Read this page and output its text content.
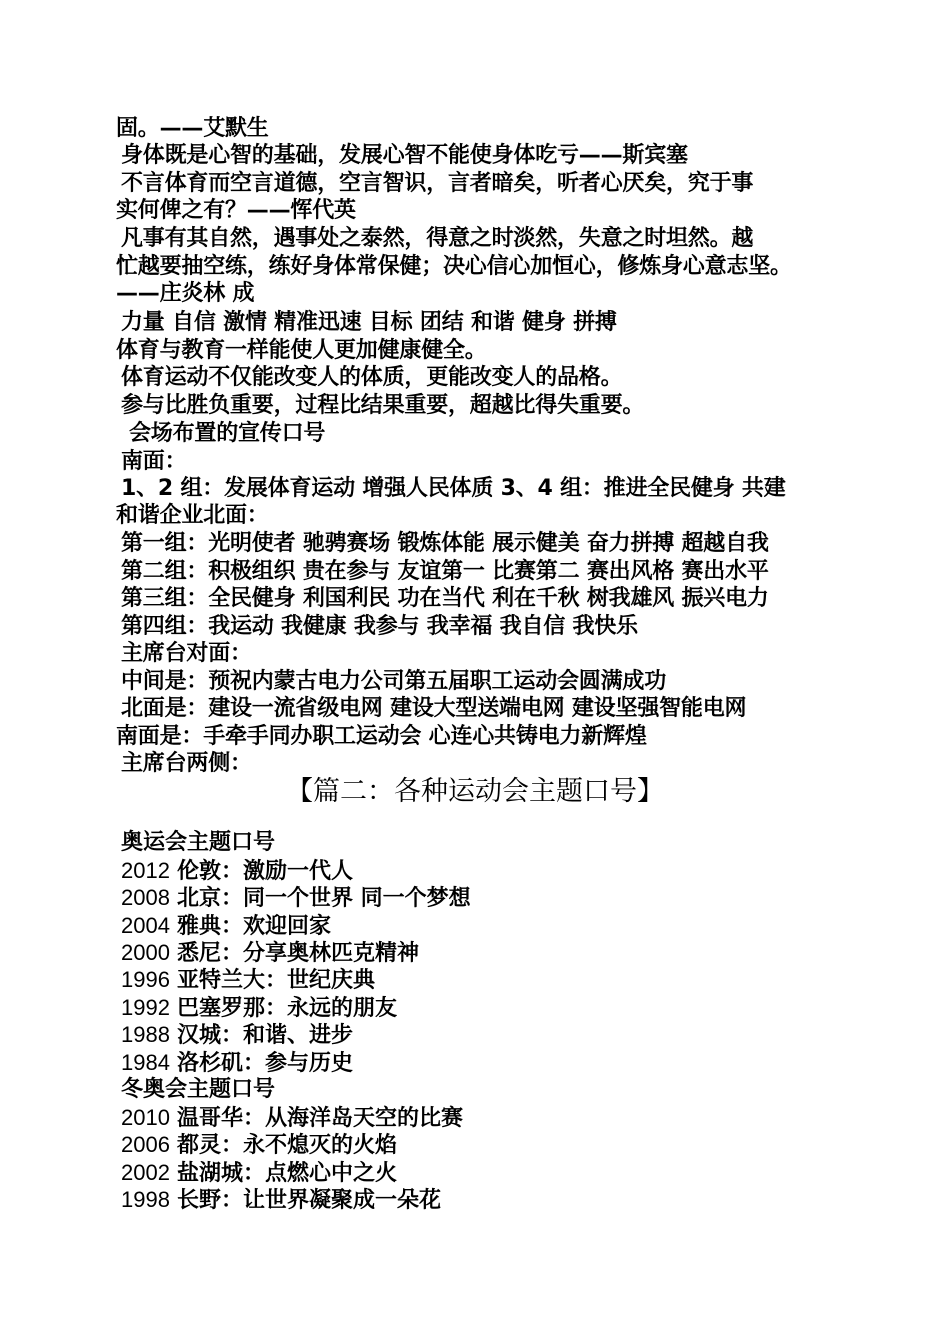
固。——艾默生
身体既是心智的基础，发展心智不能使身体吃亏——斯宾塞
不言体育而空言道德，空言智识，言者暗矣，听者心厌矣，究于事
实何俾之有？——恽代英
凡事有其自然，遇事处之泰然，得意之时淡然，失意之时坦然。越
忙越要抽空练，练好身体常保健；决心信心加恒心，修炼身心意志坚。
——庄炎林 成
力量 自信 激情 精准迅速 目标 团结 和谐 健身 拼搏
体育与教育一样能使人更加健康健全。
体育运动不仅能改变人的体质，更能改变人的品格。
参与比胜负重要，过程比结果重要，超越比得失重要。
会场布置的宣传口号
南面：
1、2 组：发展体育运动 增强人民体质 3、4 组：推进全民健身 共建
和谐企业北面：
第一组：光明使者 驰骋赛场 锻炼体能 展示健美 奋力拼搏 超越自我
第二组：积极组织 贵在参与 友谊第一 比赛第二 赛出风格 赛出水平
第三组：全民健身 利国利民 功在当代 利在千秋 树我雄风 振兴电力
第四组：我运动 我健康 我参与 我幸福 我自信 我快乐
主席台对面：
中间是：预祝内蒙古电力公司第五届职工运动会圆满成功
北面是：建设一流省级电网 建设大型送端电网 建设坚强智能电网
南面是：手牵手同办职工运动会 心连心共铸电力新辉煌
主席台两侧：
【篇二：各种运动会主题口号】
奥运会主题口号
2012 伦敦：激励一代人
2008 北京：同一个世界 同一个梦想
2004 雅典：欢迎回家
2000 悉尼：分享奥林匹克精神
1996 亚特兰大：世纪庆典
1992 巴塞罗那：永远的朋友
1988 汉城：和谐、进步
1984 洛杉矶：参与历史
冬奥会主题口号
2010 温哥华：从海洋岛天空的比赛
2006 都灵：永不熄灭的火焰
2002 盐湖城：点燃心中之火
1998 长野：让世界凝聚成一朵花
